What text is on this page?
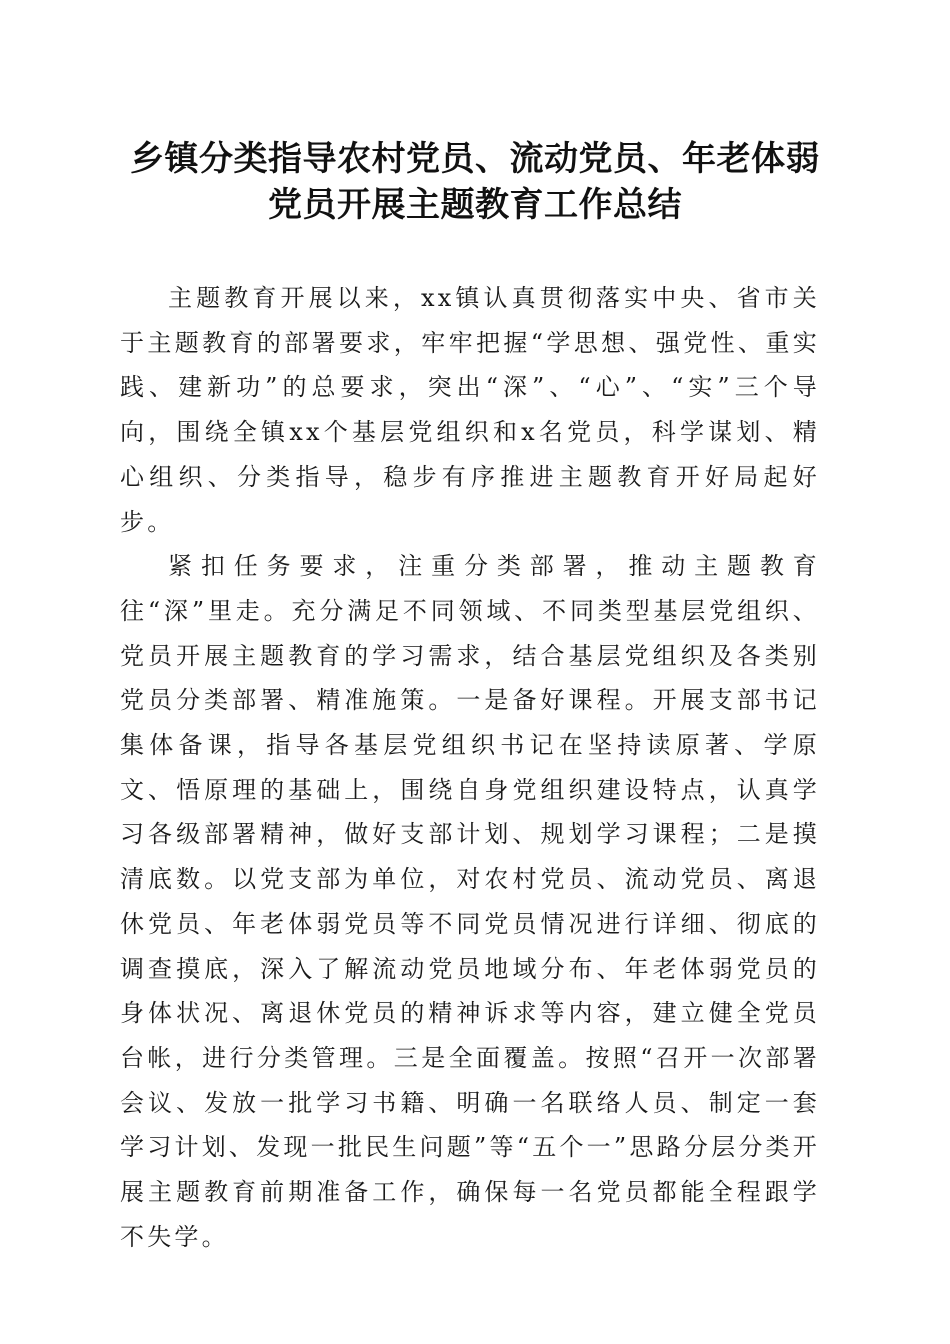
乡镇分类指导农村党员、流动党员、年老体弱
党员开展主题教育工作总结

主题教育开展以来，xx镇认真贯彻落实中央、省市关于主题教育的部署要求，牢牢把握“学思想、强党性、重实践、建新功”的总要求，突出“深”、“心”、“实”三个导向，围绕全镇xx个基层党组织和x名党员，科学谋划、精心组织、分类指导，稳步有序推进主题教育开好局起好步。

紧扣任务要求，注重分类部署，推动主题教育往“深”里走。充分满足不同领域、不同类型基层党组织、党员开展主题教育的学习需求，结合基层党组织及各类别党员分类部署、精准施策。一是备好课程。开展支部书记集体备课，指导各基层党组织书记在坚持读原著、学原文、悟原理的基础上，围绕自身党组织建设特点，认真学习各级部署精神，做好支部计划、规划学习课程；二是摸清底数。以党支部为单位，对农村党员、流动党员、离退休党员、年老体弱党员等不同党员情况进行详细、彻底的调查摸底，深入了解流动党员地域分布、年老体弱党员的身体状况、离退休党员的精神诉求等内容，建立健全党员台帐，进行分类管理。三是全面覆盖。按照“召开一次部署会议、发放一批学习书籍、明确一名联络人员、制定一套学习计划、发现一批民生问题”等“五个一”思路分层分类开展主题教育前期准备工作，确保每一名党员都能全程跟学不失学。
